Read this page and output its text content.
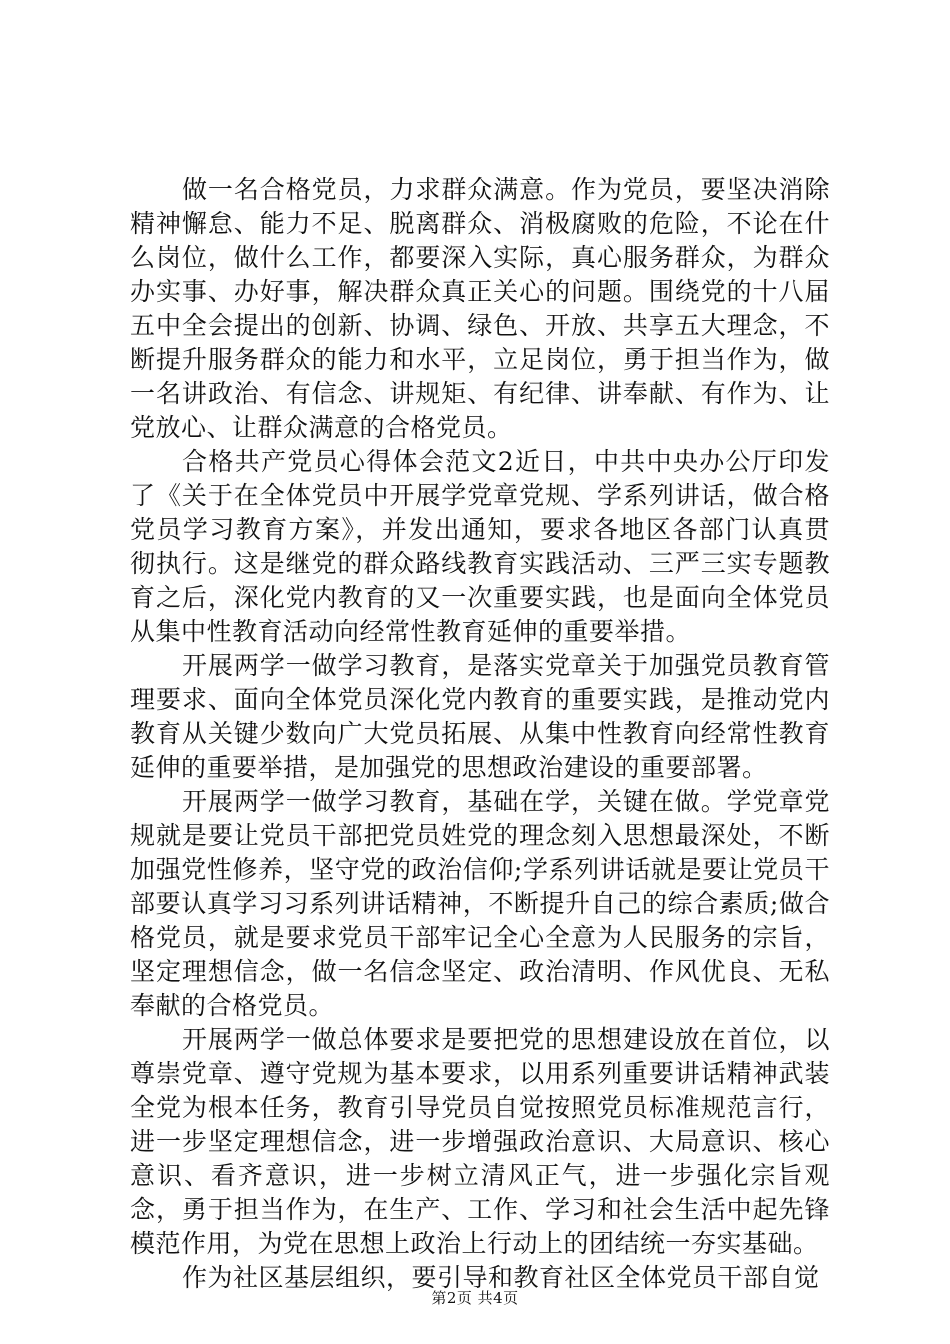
做一名合格党员，力求群众满意。作为党员，要坚决消除精神懈怠、能力不足、脱离群众、消极腐败的危险，不论在什么岗位，做什么工作，都要深入实际，真心服务群众，为群众办实事、办好事，解决群众真正关心的问题。围绕党的十八届五中全会提出的创新、协调、绿色、开放、共享五大理念，不断提升服务群众的能力和水平，立足岗位，勇于担当作为，做一名讲政治、有信念、讲规矩、有纪律、讲奉献、有作为、让党放心、让群众满意的合格党员。

合格共产党员心得体会范文2近日，中共中央办公厅印发了《关于在全体党员中开展学党章党规、学系列讲话，做合格党员学习教育方案》，并发出通知，要求各地区各部门认真贯彻执行。这是继党的群众路线教育实践活动、三严三实专题教育之后，深化党内教育的又一次重要实践，也是面向全体党员从集中性教育活动向经常性教育延伸的重要举措。

开展两学一做学习教育，是落实党章关于加强党员教育管理要求、面向全体党员深化党内教育的重要实践，是推动党内教育从关键少数向广大党员拓展、从集中性教育向经常性教育延伸的重要举措，是加强党的思想政治建设的重要部署。

开展两学一做学习教育，基础在学，关键在做。学党章党规就是要让党员干部把党员姓党的理念刻入思想最深处，不断加强党性修养，坚守党的政治信仰;学系列讲话就是要让党员干部要认真学习习系列讲话精神，不断提升自己的综合素质;做合格党员，就是要求党员干部牢记全心全意为人民服务的宗旨，坚定理想信念，做一名信念坚定、政治清明、作风优良、无私奉献的合格党员。

开展两学一做总体要求是要把党的思想建设放在首位，以尊崇党章、遵守党规为基本要求，以用系列重要讲话精神武装全党为根本任务，教育引导党员自觉按照党员标准规范言行，进一步坚定理想信念，进一步增强政治意识、大局意识、核心意识、看齐意识，进一步树立清风正气，进一步强化宗旨观念，勇于担当作为，在生产、工作、学习和社会生活中起先锋模范作用，为党在思想上政治上行动上的团结统一夯实基础。

作为社区基层组织，要引导和教育社区全体党员干部自觉

第2页 共4页
